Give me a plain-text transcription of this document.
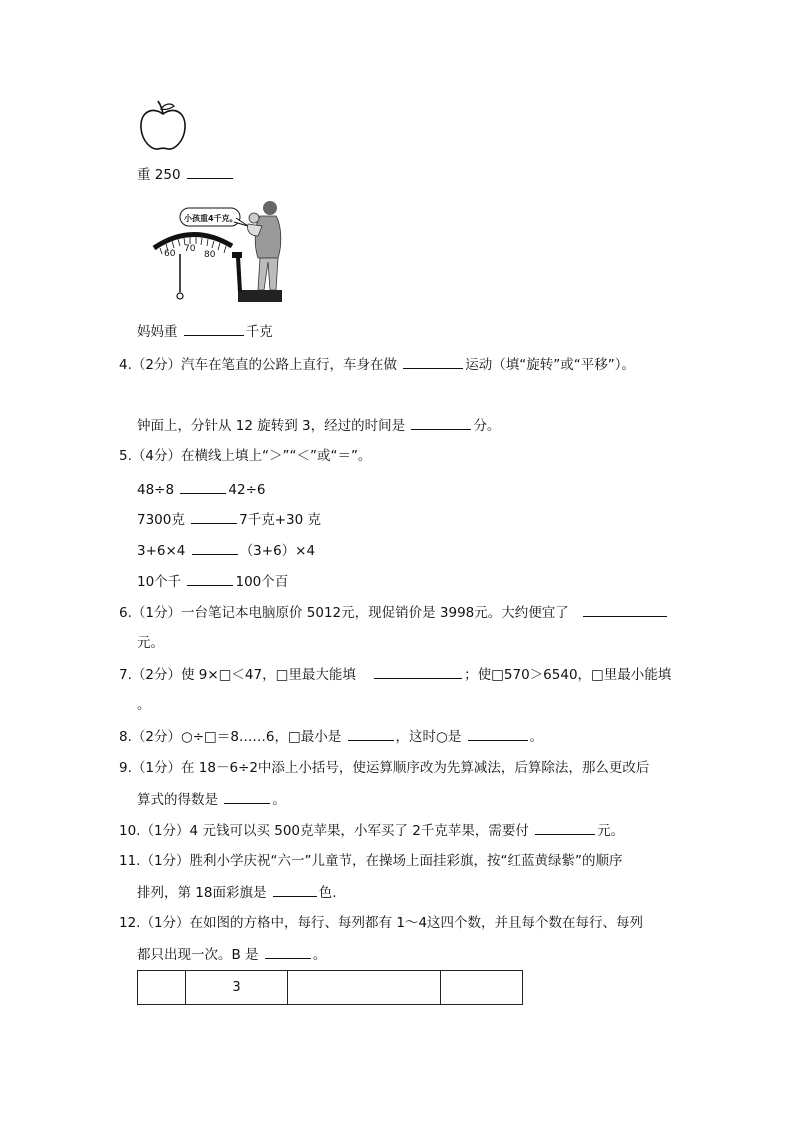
重 250
60 70
80
小孩重4千克。
妈妈重	千克
4.（2分）汽车在笔直的公路上直行，车身在做	运动（填“旋转”或“平移”）。
钟面上，分针从 12 旋转到 3，经过的时间是	分。
5.（4分）在横线上填上“＞”“＜”或“＝”。
48÷8	42÷6
7300克	7千克+30 克
3+6×4	（3+6）×4
10个千	100个百
6.（1分）一台笔记本电脑原价 5012元，现促销价是 3998元。大约便宜了
元。
7.（2分）使 9×□＜47，□里最大能填	；使□570＞6540，□里最小能填
。
8.（2分）○÷□＝8……6，□最小是	，这时○是	。
9.（1分）在 18－6÷2中添上小括号，使运算顺序改为先算减法，后算除法，那么更改后
算式的得数是	。
10.（1分）4 元钱可以买 500克苹果，小军买了 2千克苹果，需要付	元。
11.（1分）胜利小学庆祝“六一”儿童节，在操场上面挂彩旗，按“红蓝黄绿紫”的顺序
排列，第 18面彩旗是	色.
12.（1分）在如图的方格中，每行、每列都有 1～4这四个数，并且每个数在每行、每列
都只出现一次。B 是	。
	3		
